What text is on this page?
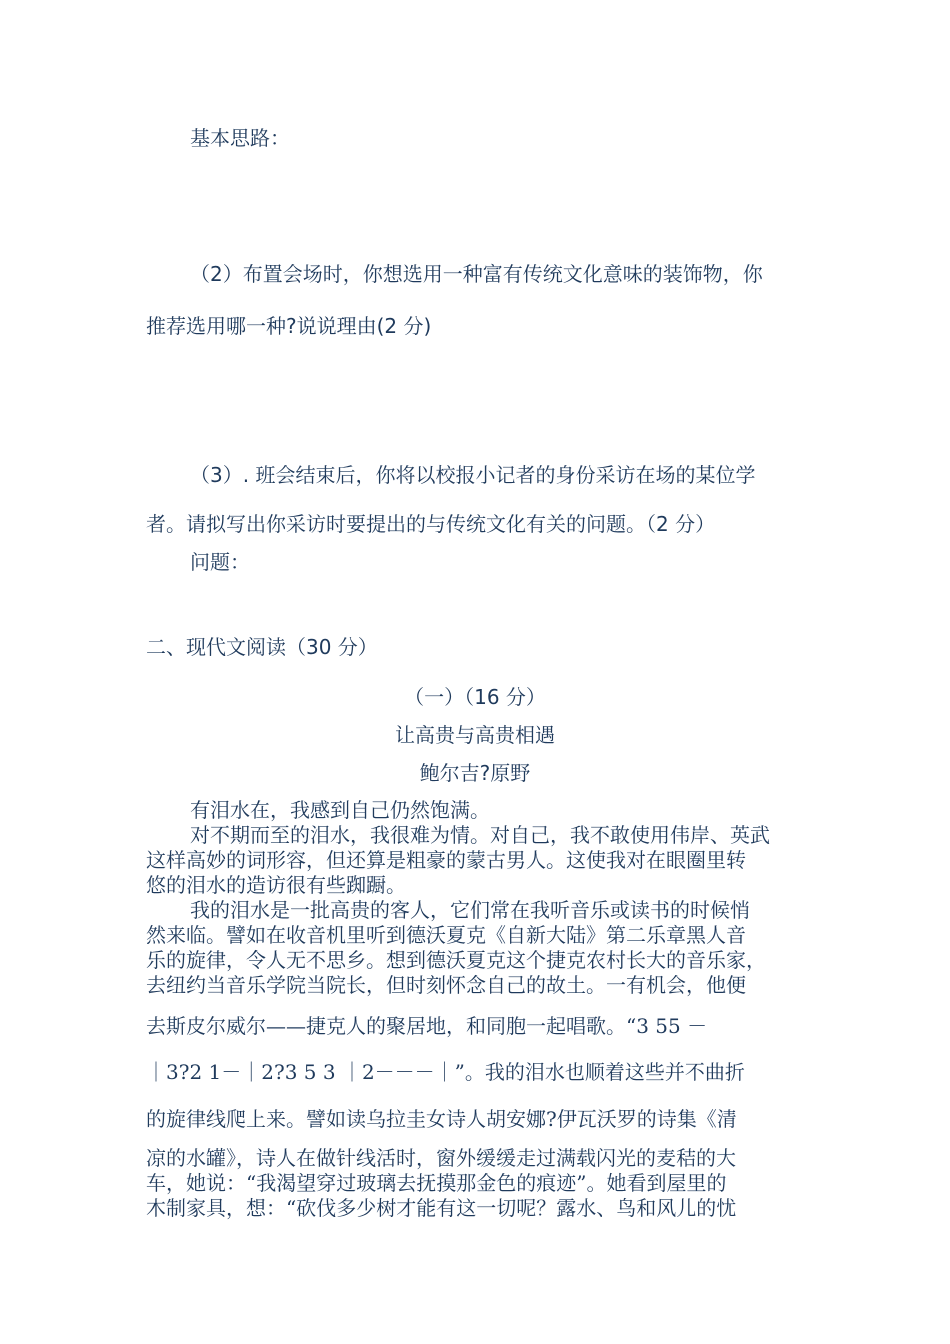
基本思路：
（2）布置会场时，你想选用一种富有传统文化意味的装饰物，你
推荐选用哪一种?说说理由(2 分)
（3）. 班会结束后，你将以校报小记者的身份采访在场的某位学
者。请拟写出你采访时要提出的与传统文化有关的问题。（2 分）
问题：
二、现代文阅读（30 分）
（一）（16 分）
让高贵与高贵相遇
鲍尔吉?原野
有泪水在，我感到自己仍然饱满。
对不期而至的泪水，我很难为情。对自己，我不敢使用伟岸、英武
这样高妙的词形容，但还算是粗豪的蒙古男人。这使我对在眼圈里转
悠的泪水的造访很有些踟蹰。
我的泪水是一批高贵的客人，它们常在我听音乐或读书的时候悄
然来临。譬如在收音机里听到德沃夏克《自新大陆》第二乐章黑人音
乐的旋律，令人无不思乡。想到德沃夏克这个捷克农村长大的音乐家，
去纽约当音乐学院当院长，但时刻怀念自己的故土。一有机会，他便
去斯皮尔威尔——捷克人的聚居地，和同胞一起唱歌。“3 55 －
｜3?2 1－｜2?3 5 3 ｜2－－－｜”。我的泪水也顺着这些并不曲折
的旋律线爬上来。譬如读乌拉圭女诗人胡安娜?伊瓦沃罗的诗集《清
凉的水罐》，诗人在做针线活时，窗外缓缓走过满载闪光的麦秸的大
车，她说：“我渴望穿过玻璃去抚摸那金色的痕迹”。她看到屋里的
木制家具，想：“砍伐多少树才能有这一切呢？露水、鸟和风儿的忧
